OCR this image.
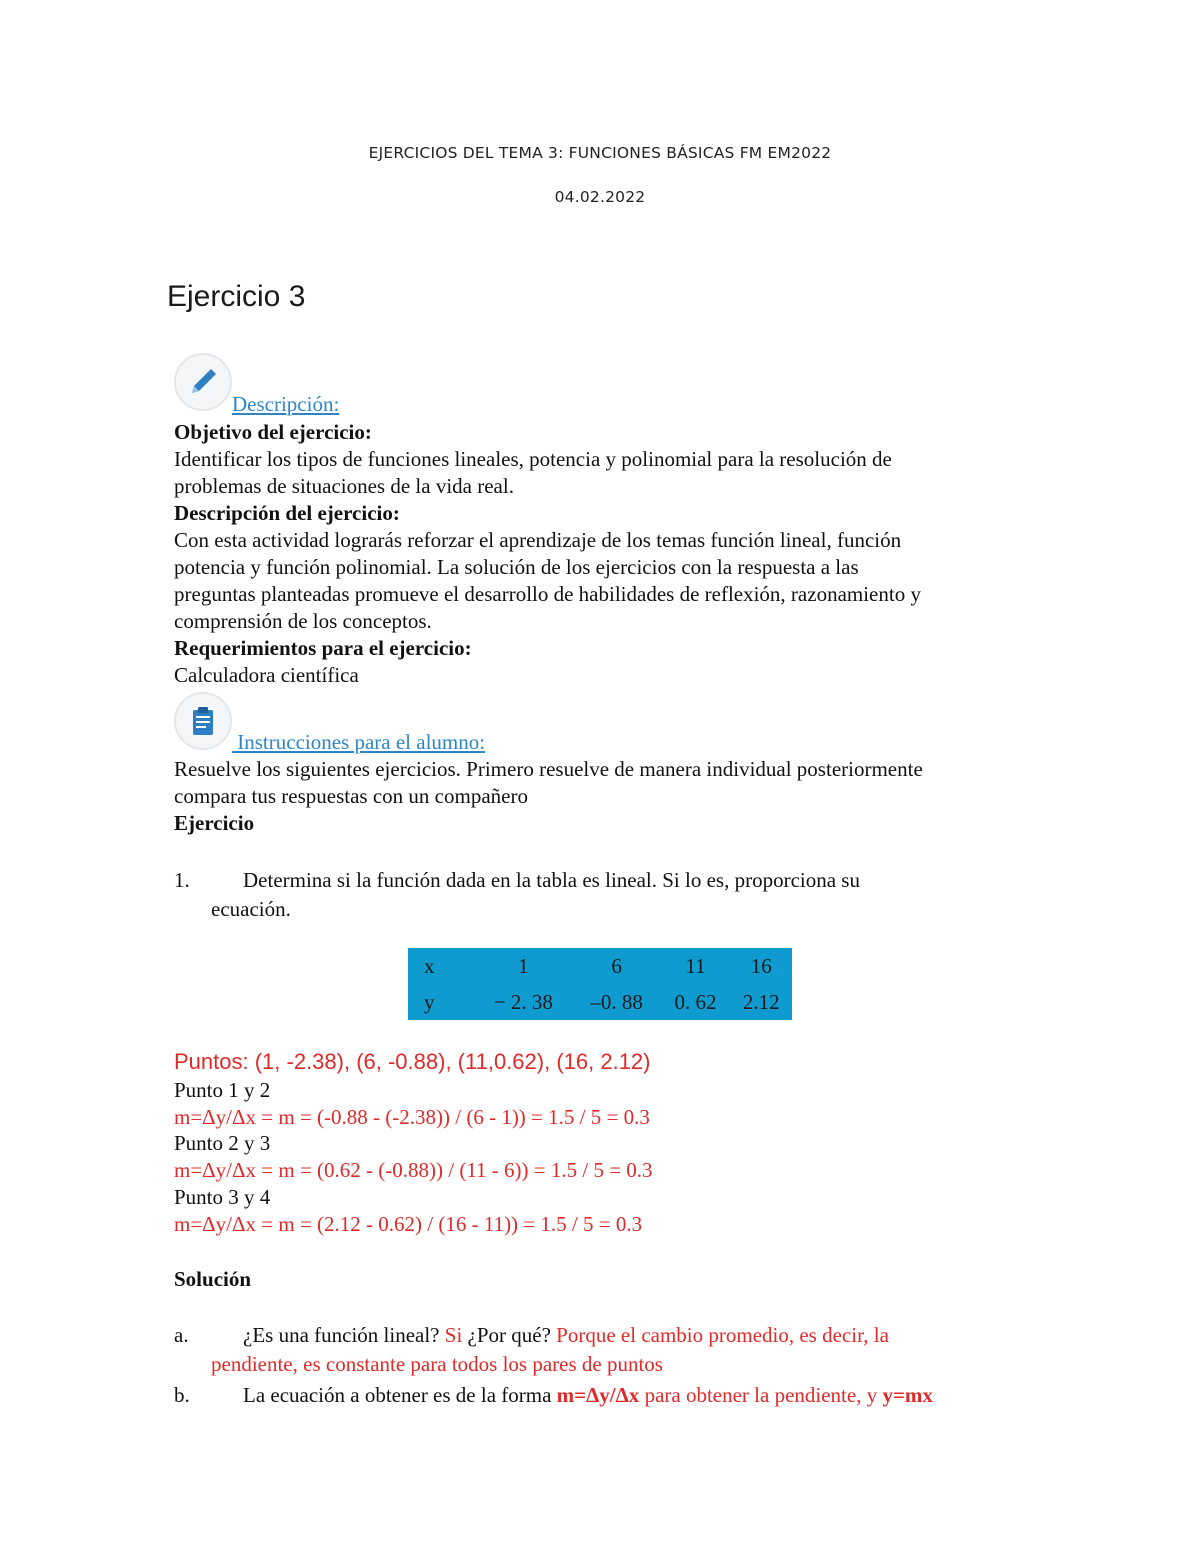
EJERCICIOS DEL TEMA 3: FUNCIONES BÁSICAS FM EM2022
04.02.2022
Ejercicio 3
Descripción:
Objetivo del ejercicio:
Identificar los tipos de funciones lineales, potencia y polinomial para la resolución de
problemas de situaciones de la vida real.
Descripción del ejercicio:
Con esta actividad lograrás reforzar el aprendizaje de los temas función lineal, función
potencia y función polinomial. La solución de los ejercicios con la respuesta a las
preguntas planteadas promueve el desarrollo de habilidades de reflexión, razonamiento y
comprensión de los conceptos.
Requerimientos para el ejercicio:
Calculadora científica
Instrucciones para el alumno:
Resuelve los siguientes ejercicios. Primero resuelve de manera individual posteriormente
compara tus respuestas con un compañero
Ejercicio
1.	Determina si la función dada en la tabla es lineal. Si lo es, proporciona su
ecuación.
x	1	6	11	16
y	− 2. 38	–0. 88	0. 62	2.12
Puntos: (1, -2.38), (6, -0.88), (11,0.62), (16, 2.12)
Punto 1 y 2
m=Δy/Δx = m = (-0.88 - (-2.38)) / (6 - 1)) = 1.5 / 5 = 0.3
Punto 2 y 3
m=Δy/Δx = m = (0.62 - (-0.88)) / (11 - 6)) = 1.5 / 5 = 0.3
Punto 3 y 4
m=Δy/Δx = m = (2.12 - 0.62) / (16 - 11)) = 1.5 / 5 = 0.3
Solución
a.	¿Es una función lineal? Si ¿Por qué? Porque el cambio promedio, es decir, la
pendiente, es constante para todos los pares de puntos
b.	La ecuación a obtener es de la forma m=Δy/Δx para obtener la pendiente, y y=mx
